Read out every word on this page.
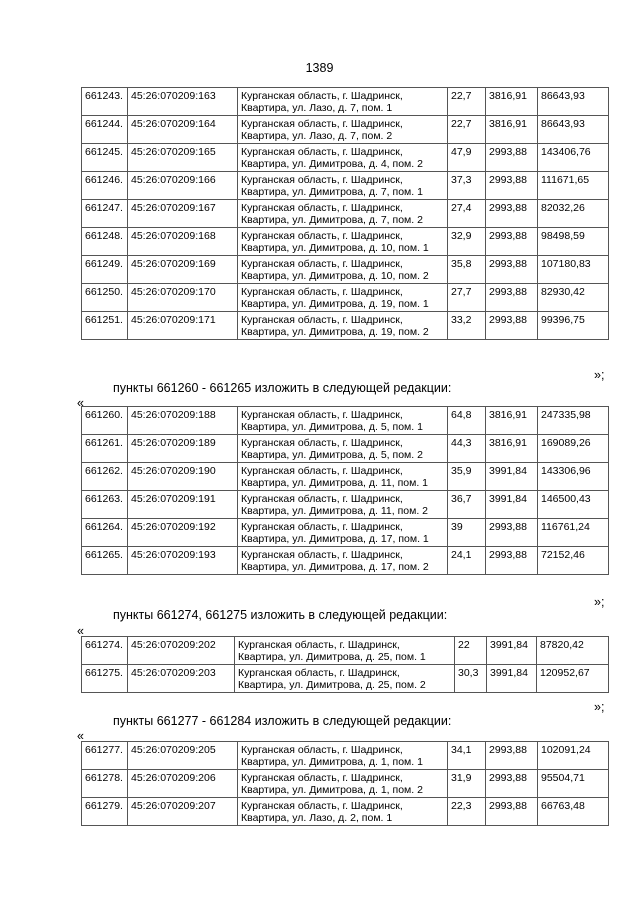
1389
661243.	45:26:070209:163	Курганская область, г. Шадринск,
Квартира, ул. Лазо, д. 7, пом. 1	22,7	3816,91	86643,93
661244.	45:26:070209:164	Курганская область, г. Шадринск,
Квартира, ул. Лазо, д. 7, пом. 2	22,7	3816,91	86643,93
661245.	45:26:070209:165	Курганская область, г. Шадринск,
Квартира, ул. Димитрова, д. 4, пом. 2	47,9	2993,88	143406,76
661246.	45:26:070209:166	Курганская область, г. Шадринск,
Квартира, ул. Димитрова, д. 7, пом. 1	37,3	2993,88	111671,65
661247.	45:26:070209:167	Курганская область, г. Шадринск,
Квартира, ул. Димитрова, д. 7, пом. 2	27,4	2993,88	82032,26
661248.	45:26:070209:168	Курганская область, г. Шадринск,
Квартира, ул. Димитрова, д. 10, пом. 1	32,9	2993,88	98498,59
661249.	45:26:070209:169	Курганская область, г. Шадринск,
Квартира, ул. Димитрова, д. 10, пом. 2	35,8	2993,88	107180,83
661250.	45:26:070209:170	Курганская область, г. Шадринск,
Квартира, ул. Димитрова, д. 19, пом. 1	27,7	2993,88	82930,42
661251.	45:26:070209:171	Курганская область, г. Шадринск,
Квартира, ул. Димитрова, д. 19, пом. 2	33,2	2993,88	99396,75
»;
пункты 661260 - 661265 изложить в следующей редакции:
«
661260.	45:26:070209:188	Курганская область, г. Шадринск,
Квартира, ул. Димитрова, д. 5, пом. 1	64,8	3816,91	247335,98
661261.	45:26:070209:189	Курганская область, г. Шадринск,
Квартира, ул. Димитрова, д. 5, пом. 2	44,3	3816,91	169089,26
661262.	45:26:070209:190	Курганская область, г. Шадринск,
Квартира, ул. Димитрова, д. 11, пом. 1	35,9	3991,84	143306,96
661263.	45:26:070209:191	Курганская область, г. Шадринск,
Квартира, ул. Димитрова, д. 11, пом. 2	36,7	3991,84	146500,43
661264.	45:26:070209:192	Курганская область, г. Шадринск,
Квартира, ул. Димитрова, д. 17, пом. 1	39	2993,88	116761,24
661265.	45:26:070209:193	Курганская область, г. Шадринск,
Квартира, ул. Димитрова, д. 17, пом. 2	24,1	2993,88	72152,46
»;
пункты 661274, 661275 изложить в следующей редакции:
«
661274.	45:26:070209:202	Курганская область, г. Шадринск,
Квартира, ул. Димитрова, д. 25, пом. 1	22	3991,84	87820,42
661275.	45:26:070209:203	Курганская область, г. Шадринск,
Квартира, ул. Димитрова, д. 25, пом. 2	30,3	3991,84	120952,67
»;
пункты 661277 - 661284 изложить в следующей редакции:
«
661277.	45:26:070209:205	Курганская область, г. Шадринск,
Квартира, ул. Димитрова, д. 1, пом. 1	34,1	2993,88	102091,24
661278.	45:26:070209:206	Курганская область, г. Шадринск,
Квартира, ул. Димитрова, д. 1, пом. 2	31,9	2993,88	95504,71
661279.	45:26:070209:207	Курганская область, г. Шадринск,
Квартира, ул. Лазо, д. 2, пом. 1	22,3	2993,88	66763,48
